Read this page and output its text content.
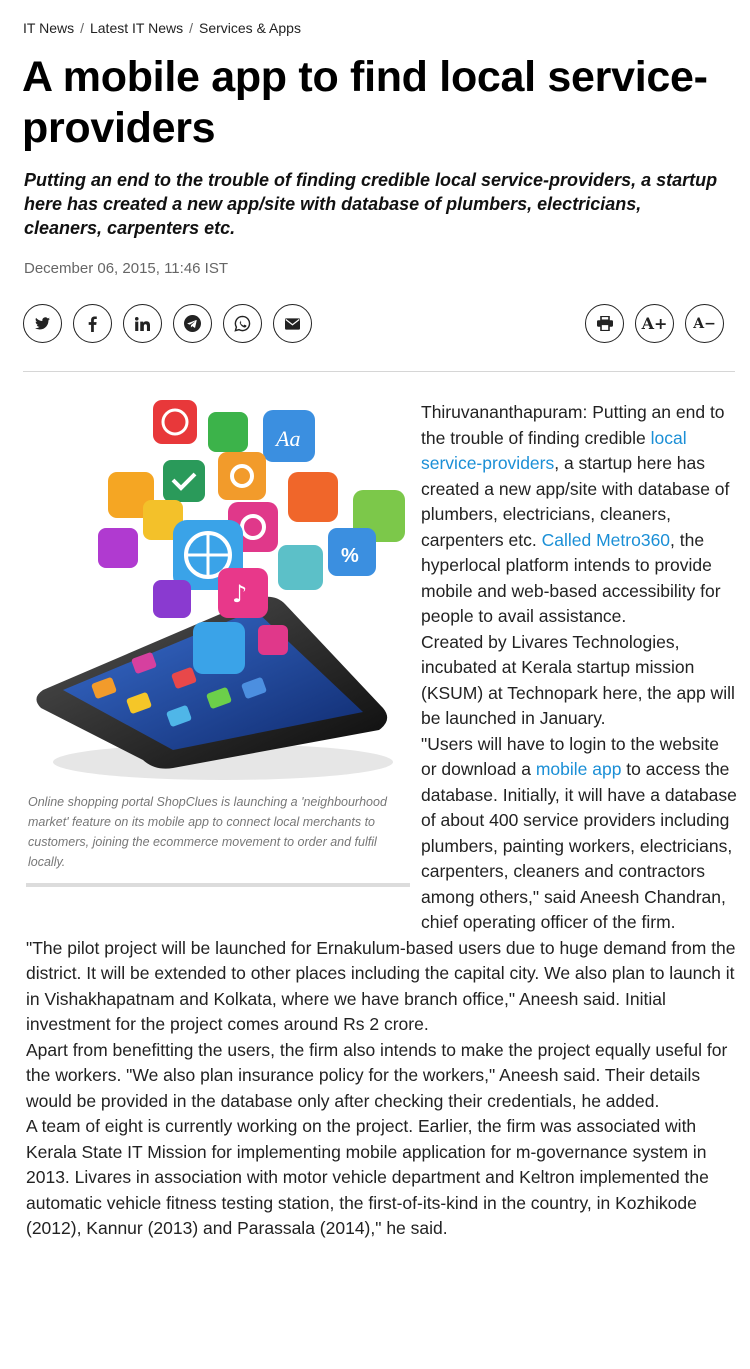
IT News / Latest IT News / Services & Apps
A mobile app to find local service-providers

Putting an end to the trouble of finding credible local service-providers, a startup here has created a new app/site with database of plumbers, electricians, cleaners, carpenters etc.

December 06, 2015, 11:46 IST
A+ A−
Aa
%
♪

Online shopping portal ShopClues is launching a 'neighbourhood market' feature on its mobile app to connect local merchants to customers, joining the ecommerce movement to order and fulfil locally.

Thiruvananthapuram: Putting an end to the trouble of finding credible local service-providers, a startup here has created a new app/site with database of plumbers, electricians, cleaners, carpenters etc. Called Metro360, the hyperlocal platform intends to provide mobile and web-based accessibility for people to avail assistance.

Created by Livares Technologies, incubated at Kerala startup mission (KSUM) at Technopark here, the app will be launched in January.

"Users will have to login to the website or download a mobile app to access the database. Initially, it will have a database of about 400 service providers including plumbers, painting workers, electricians, carpenters, cleaners and contractors among others," said Aneesh Chandran, chief operating officer of the firm.

"The pilot project will be launched for Ernakulum-based users due to huge demand from the district. It will be extended to other places including the capital city. We also plan to launch it in Vishakhapatnam and Kolkata, where we have branch office," Aneesh said. Initial investment for the project comes around Rs 2 crore.

Apart from benefitting the users, the firm also intends to make the project equally useful for the workers. "We also plan insurance policy for the workers," Aneesh said. Their details would be provided in the database only after checking their credentials, he added.

A team of eight is currently working on the project. Earlier, the firm was associated with Kerala State IT Mission for implementing mobile application for m-governance system in 2013. Livares in association with motor vehicle department and Keltron implemented the automatic vehicle fitness testing station, the first-of-its-kind in the country, in Kozhikode (2012), Kannur (2013) and Parassala (2014)," he said.
